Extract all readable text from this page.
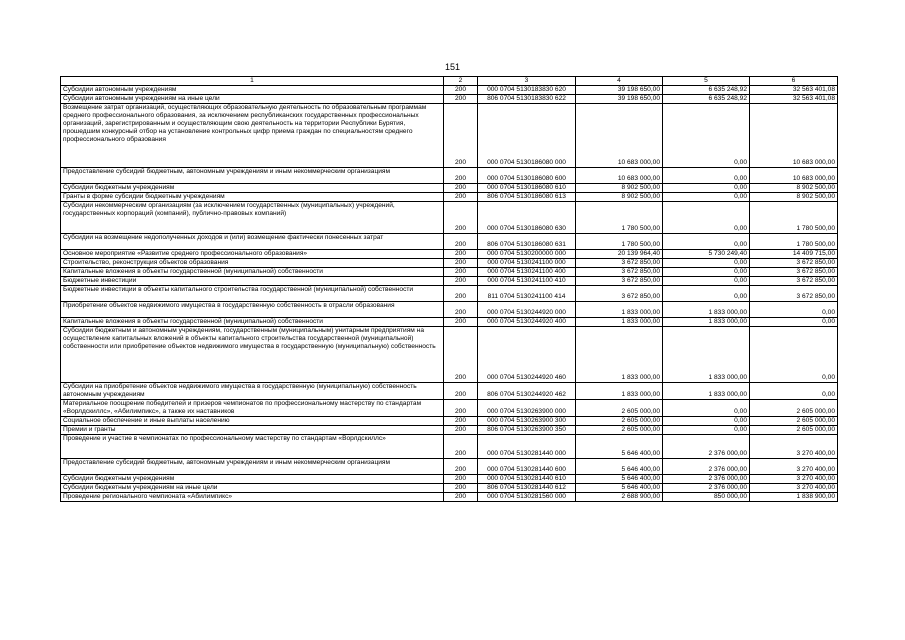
151
1	2	3	4	5	6
Субсидии автономным учреждениям	200	000 0704 5130183830 620	39 198 650,00	6 635 248,92	32 563 401,08
Субсидии автономным учреждениям на иные цели	200	806 0704 5130183830 622	39 198 650,00	6 635 248,92	32 563 401,08
Возмещение затрат организаций, осуществляющих образовательную деятельность по образовательным программам среднего профессионального образования, за исключением республиканских государственных профессиональных организаций, зарегистрированным и осуществляющим свою деятельность на территории Республики Бурятия, прошедшим конкурсный отбор на установление контрольных цифр приема граждан по специальностям среднего профессионального образования	200	000 0704 5130186080 000	10 683 000,00	0,00	10 683 000,00
Предоставление субсидий бюджетным, автономным учреждениям и иным некоммерческим организациям	200	000 0704 5130186080 600	10 683 000,00	0,00	10 683 000,00
Субсидии бюджетным учреждениям	200	000 0704 5130186080 610	8 902 500,00	0,00	8 902 500,00
Гранты в форме субсидии бюджетным учреждениям	200	806 0704 5130186080 613	8 902 500,00	0,00	8 902 500,00
Субсидии некоммерческим организациям (за исключением государственных (муниципальных) учреждений, государственных корпораций (компаний), публично-правовых компаний)	200	000 0704 5130186080 630	1 780 500,00	0,00	1 780 500,00
Субсидии на возмещение недополученных доходов и (или) возмещение фактически понесенных затрат	200	806 0704 5130186080 631	1 780 500,00	0,00	1 780 500,00
Основное мероприятие «Развитие среднего профессионального образования»	200	000 0704 5130200000 000	20 139 964,40	5 730 249,40	14 409 715,00
Строительство, реконструкция объектов образования	200	000 0704 5130241100 000	3 672 850,00	0,00	3 672 850,00
Капитальные вложения в объекты государственной (муниципальной) собственности	200	000 0704 5130241100 400	3 672 850,00	0,00	3 672 850,00
Бюджетные инвестиции	200	000 0704 5130241100 410	3 672 850,00	0,00	3 672 850,00
Бюджетные инвестиции в объекты капитального строительства государственной (муниципальной) собственности	200	811 0704 5130241100 414	3 672 850,00	0,00	3 672 850,00
Приобретение объектов недвижимого имущества в государственную собственность в отрасли образования	200	000 0704 5130244920 000	1 833 000,00	1 833 000,00	0,00
Капитальные вложения в объекты государственной (муниципальной) собственности	200	000 0704 5130244920 400	1 833 000,00	1 833 000,00	0,00
Субсидии бюджетным и автономным учреждениям, государственным (муниципальным) унитарным предприятиям на осуществление капитальных вложений в объекты капитального строительства государственной (муниципальной) собственности или приобретение объектов недвижимого имущества в государственную (муниципальную) собственность	200	000 0704 5130244920 460	1 833 000,00	1 833 000,00	0,00
Субсидии на приобретение объектов недвижимого имущества в государственную (муниципальную) собственность автономным учреждениям	200	806 0704 5130244920 462	1 833 000,00	1 833 000,00	0,00
Материальное поощрение победителей и призеров чемпионатов по профессиональному мастерству по стандартам «Ворлдскиллс», «Абилимпикс», а также их наставников	200	000 0704 5130263900 000	2 605 000,00	0,00	2 605 000,00
Социальное обеспечение и иные выплаты населению	200	000 0704 5130263900 300	2 605 000,00	0,00	2 605 000,00
Премии и гранты	200	806 0704 5130263900 350	2 605 000,00	0,00	2 605 000,00
Проведение и участие в чемпионатах по профессиональному мастерству по стандартам «Ворлдскиллс»	200	000 0704 5130281440 000	5 646 400,00	2 376 000,00	3 270 400,00
Предоставление субсидий бюджетным, автономным учреждениям и иным некоммерческим организациям	200	000 0704 5130281440 600	5 646 400,00	2 376 000,00	3 270 400,00
Субсидии бюджетным учреждениям	200	000 0704 5130281440 610	5 646 400,00	2 376 000,00	3 270 400,00
Субсидии бюджетным учреждениям на иные цели	200	806 0704 5130281440 612	5 646 400,00	2 376 000,00	3 270 400,00
Проведение регионального чемпионата «Абилимпикс»	200	000 0704 5130281560 000	2 688 900,00	850 000,00	1 838 900,00
